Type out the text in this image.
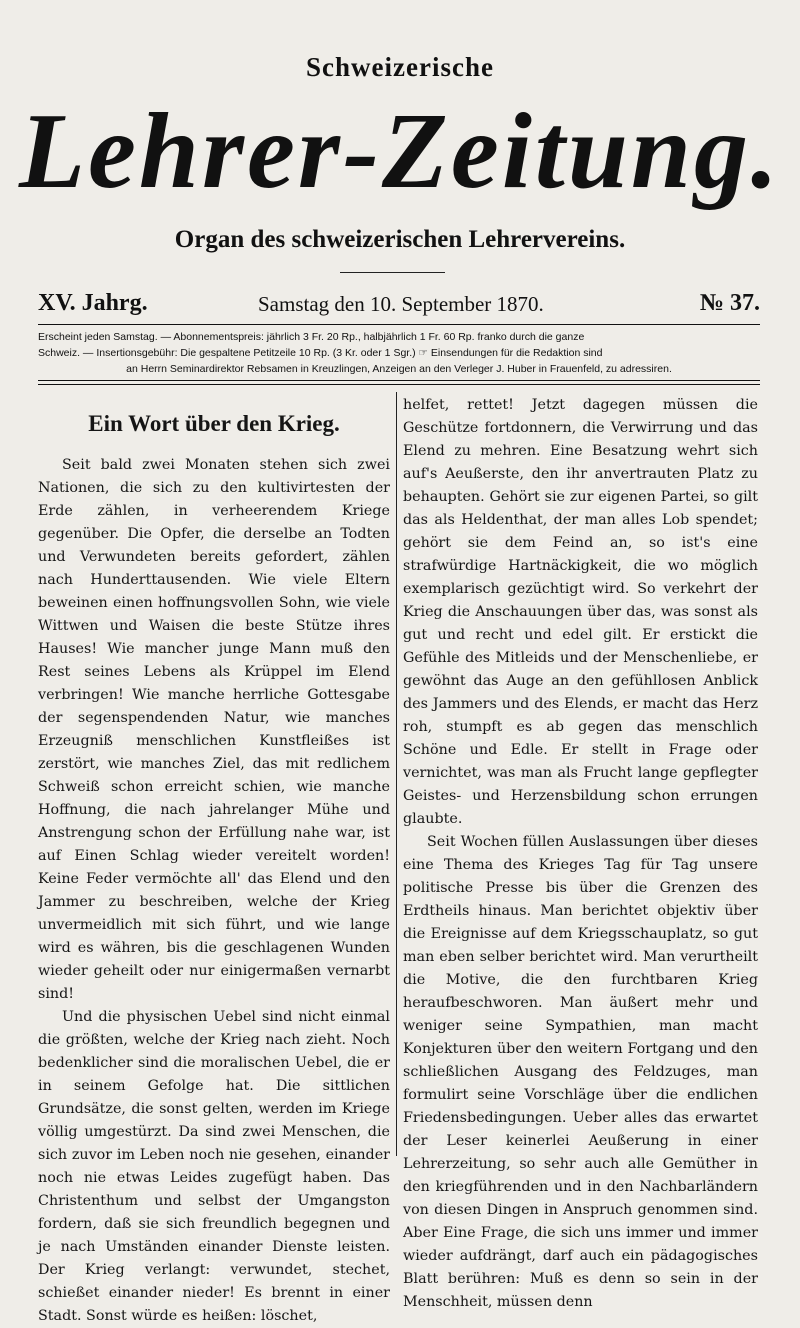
Schweizerische
Lehrer-Zeitung.
Organ des schweizerischen Lehrervereins.
XV. Jahrg.	Samstag den 10. September 1870.	№ 37.

Erscheint jeden Samstag. — Abonnementspreis: jährlich 3 Fr. 20 Rp., halbjährlich 1 Fr. 60 Rp. franko durch die ganze

Schweiz. — Insertionsgebühr: Die gespaltene Petitzeile 10 Rp. (3 Kr. oder 1 Sgr.) ☞ Einsendungen für die Redaktion sind

an Herrn Seminardirektor Rebsamen in Kreuzlingen, Anzeigen an den Verleger J. Huber in Frauenfeld, zu adressiren.

Ein Wort über den Krieg.

Seit bald zwei Monaten stehen sich zwei Nationen, die sich zu den kultivirtesten der Erde zählen, in verheerendem Kriege gegenüber. Die Opfer, die derselbe an Todten und Verwundeten bereits gefordert, zählen nach Hunderttausenden. Wie viele Eltern beweinen einen hoffnungsvollen Sohn, wie viele Wittwen und Waisen die beste Stütze ihres Hauses! Wie mancher junge Mann muß den Rest seines Lebens als Krüppel im Elend verbringen! Wie manche herrliche Gottesgabe der segenspendenden Natur, wie manches Erzeugniß menschlichen Kunstfleißes ist zerstört, wie manches Ziel, das mit redlichem Schweiß schon erreicht schien, wie manche Hoffnung, die nach jahrelanger Mühe und Anstrengung schon der Erfüllung nahe war, ist auf Einen Schlag wieder vereitelt worden! Keine Feder vermöchte all' das Elend und den Jammer zu beschreiben, welche der Krieg unvermeidlich mit sich führt, und wie lange wird es währen, bis die geschlagenen Wunden wieder geheilt oder nur einigermaßen vernarbt sind!

Und die physischen Uebel sind nicht einmal die größten, welche der Krieg nach zieht. Noch bedenklicher sind die moralischen Uebel, die er in seinem Gefolge hat. Die sittlichen Grundsätze, die sonst gelten, werden im Kriege völlig umgestürzt. Da sind zwei Menschen, die sich zuvor im Leben noch nie gesehen, einander noch nie etwas Leides zugefügt haben. Das Christenthum und selbst der Umgangston fordern, daß sie sich freundlich begegnen und je nach Umständen einander Dienste leisten. Der Krieg verlangt: verwundet, stechet, schießet einander nieder! Es brennt in einer Stadt. Sonst würde es heißen: löschet,

helfet, rettet! Jetzt dagegen müssen die Geschütze fortdonnern, die Verwirrung und das Elend zu mehren. Eine Besatzung wehrt sich auf's Aeußerste, den ihr anvertrauten Platz zu behaupten. Gehört sie zur eigenen Partei, so gilt das als Heldenthat, der man alles Lob spendet; gehört sie dem Feind an, so ist's eine strafwürdige Hartnäckigkeit, die wo möglich exemplarisch gezüchtigt wird. So verkehrt der Krieg die Anschauungen über das, was sonst als gut und recht und edel gilt. Er erstickt die Gefühle des Mitleids und der Menschenliebe, er gewöhnt das Auge an den gefühllosen Anblick des Jammers und des Elends, er macht das Herz roh, stumpft es ab gegen das menschlich Schöne und Edle. Er stellt in Frage oder vernichtet, was man als Frucht lange gepflegter Geistes- und Herzensbildung schon errungen glaubte.

Seit Wochen füllen Auslassungen über dieses eine Thema des Krieges Tag für Tag unsere politische Presse bis über die Grenzen des Erdtheils hinaus. Man berichtet objektiv über die Ereignisse auf dem Kriegsschauplatz, so gut man eben selber berichtet wird. Man verurtheilt die Motive, die den furchtbaren Krieg heraufbeschworen. Man äußert mehr und weniger seine Sympathien, man macht Konjekturen über den weitern Fortgang und den schließlichen Ausgang des Feldzuges, man formulirt seine Vorschläge über die endlichen Friedensbedingungen. Ueber alles das erwartet der Leser keinerlei Aeußerung in einer Lehrerzeitung, so sehr auch alle Gemüther in den kriegführenden und in den Nachbarländern von diesen Dingen in Anspruch genommen sind. Aber Eine Frage, die sich uns immer und immer wieder aufdrängt, darf auch ein pädagogisches Blatt berühren: Muß es denn so sein in der Menschheit, müssen denn
